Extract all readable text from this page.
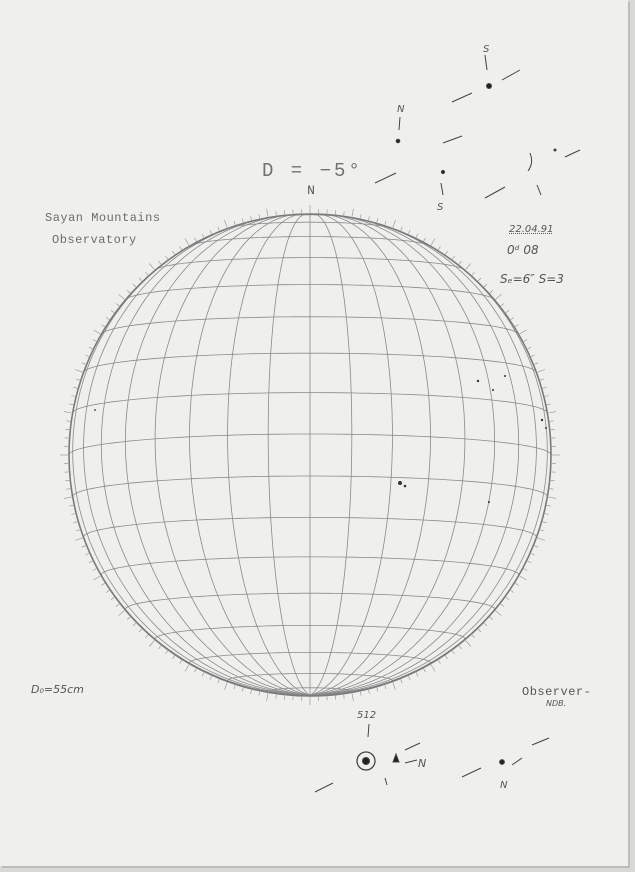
S
N
S
N
N
N
D = −5°
Sayan Mountains
Observatory
22.04.91
0ᵈ 08
Sₑ=6″ S=3
D₀=55cm	Observer-
NDB.
512
